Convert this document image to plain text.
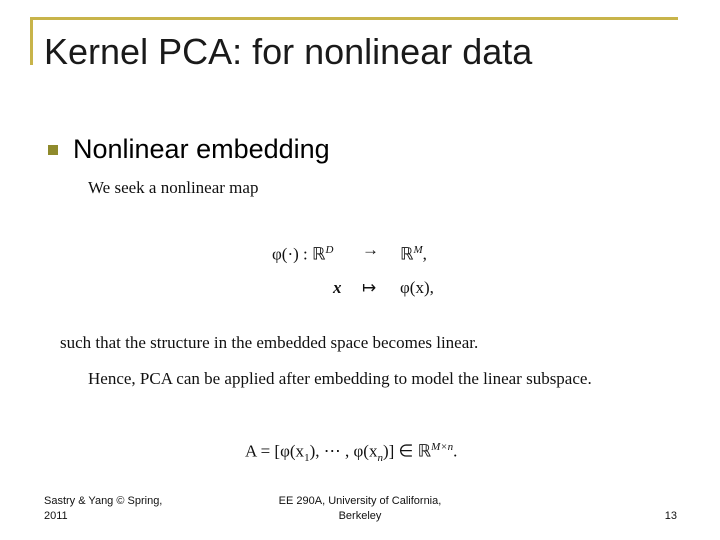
Kernel PCA: for nonlinear data
Nonlinear embedding
We seek a nonlinear map
φ(·) : ℝ$^D$ → ℝ$^M$,
x ↦ φ(x),
such that the structure in the embedded space becomes linear.
Hence, PCA can be applied after embedding to model the linear subspace.
$A = [\varphi(x_1)$, ⋯ , $\varphi(x_n)$] ∈ ℝ$^{M\times n}$.
Sastry & Yang © Spring,
2011
EE 290A, University of California,
Berkeley	13
